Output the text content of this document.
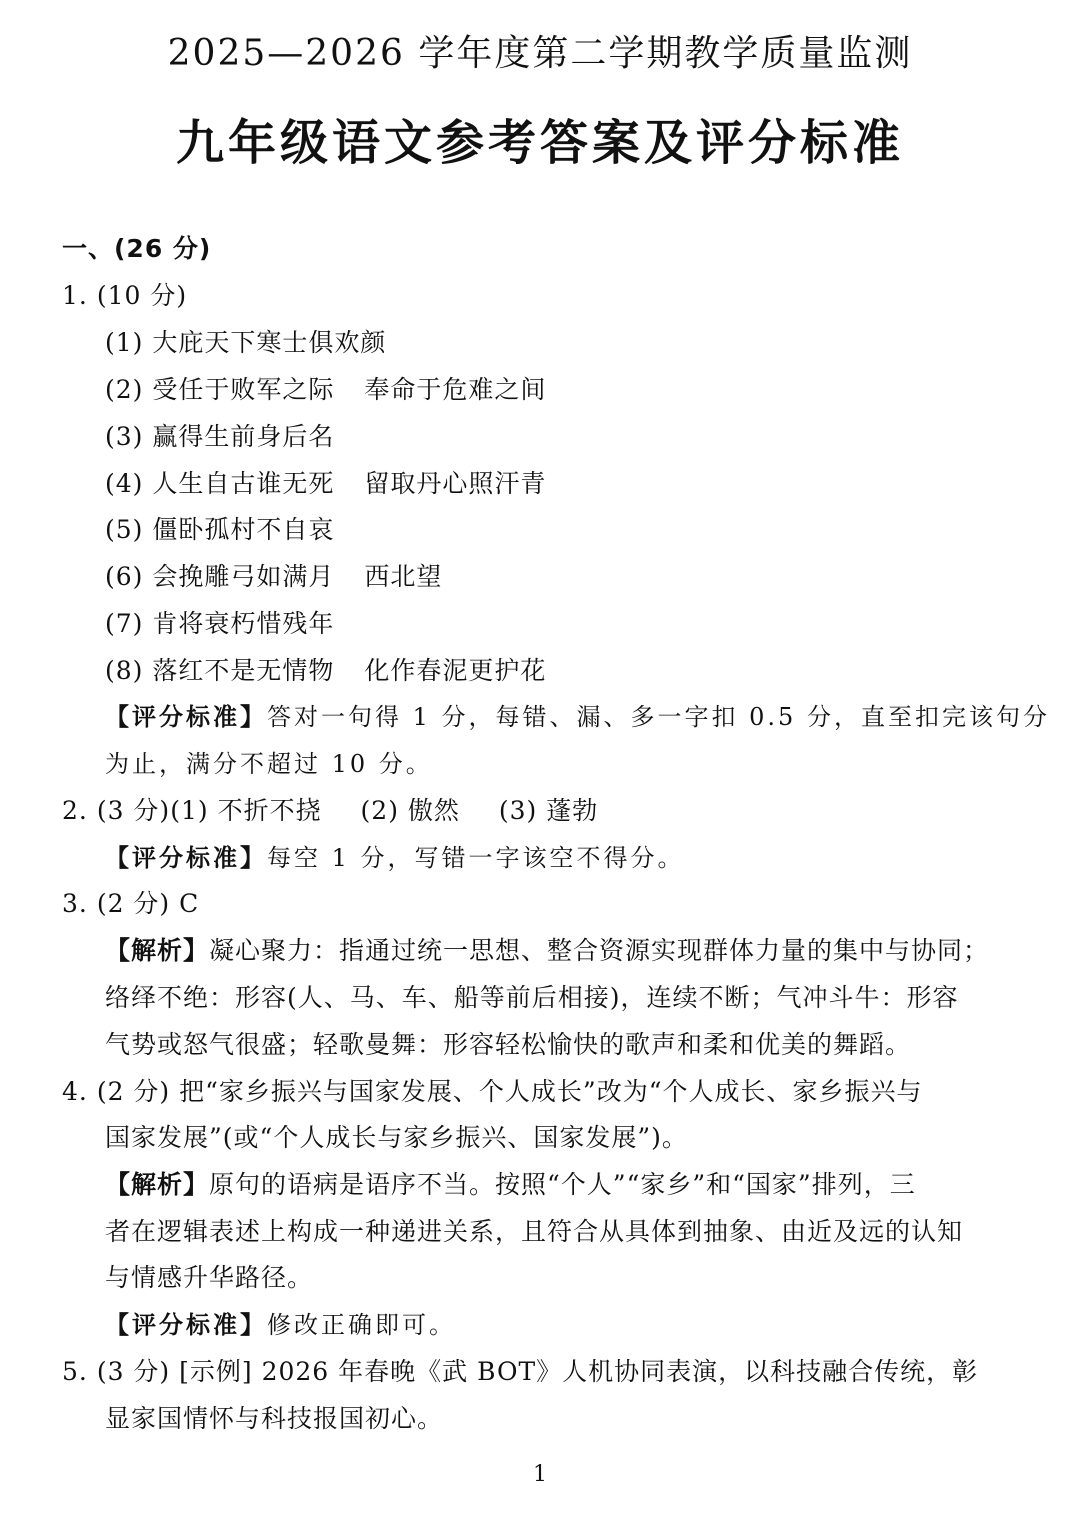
2025—2026 学年度第二学期教学质量监测
九年级语文参考答案及评分标准
一、(26 分)
1. (10 分)
(1) 大庇天下寒士俱欢颜
(2) 受任于败军之际 奉命于危难之间
(3) 赢得生前身后名
(4) 人生自古谁无死 留取丹心照汗青
(5) 僵卧孤村不自哀
(6) 会挽雕弓如满月 西北望
(7) 肯将衰朽惜残年
(8) 落红不是无情物 化作春泥更护花
【评分标准】答对一句得 1 分，每错、漏、多一字扣 0.5 分，直至扣完该句分
为止，满分不超过 10 分。
2. (3 分)(1) 不折不挠 (2) 傲然 (3) 蓬勃
【评分标准】每空 1 分，写错一字该空不得分。
3. (2 分) C
【解析】凝心聚力：指通过统一思想、整合资源实现群体力量的集中与协同；
络绎不绝：形容(人、马、车、船等前后相接)，连续不断；气冲斗牛：形容
气势或怒气很盛；轻歌曼舞：形容轻松愉快的歌声和柔和优美的舞蹈。
4. (2 分) 把“家乡振兴与国家发展、个人成长”改为“个人成长、家乡振兴与
国家发展”(或“个人成长与家乡振兴、国家发展”)。
【解析】原句的语病是语序不当。按照“个人”“家乡”和“国家”排列，三
者在逻辑表述上构成一种递进关系，且符合从具体到抽象、由近及远的认知
与情感升华路径。
【评分标准】修改正确即可。
5. (3 分) [示例] 2026 年春晚《武 BOT》人机协同表演，以科技融合传统，彰
显家国情怀与科技报国初心。
1
